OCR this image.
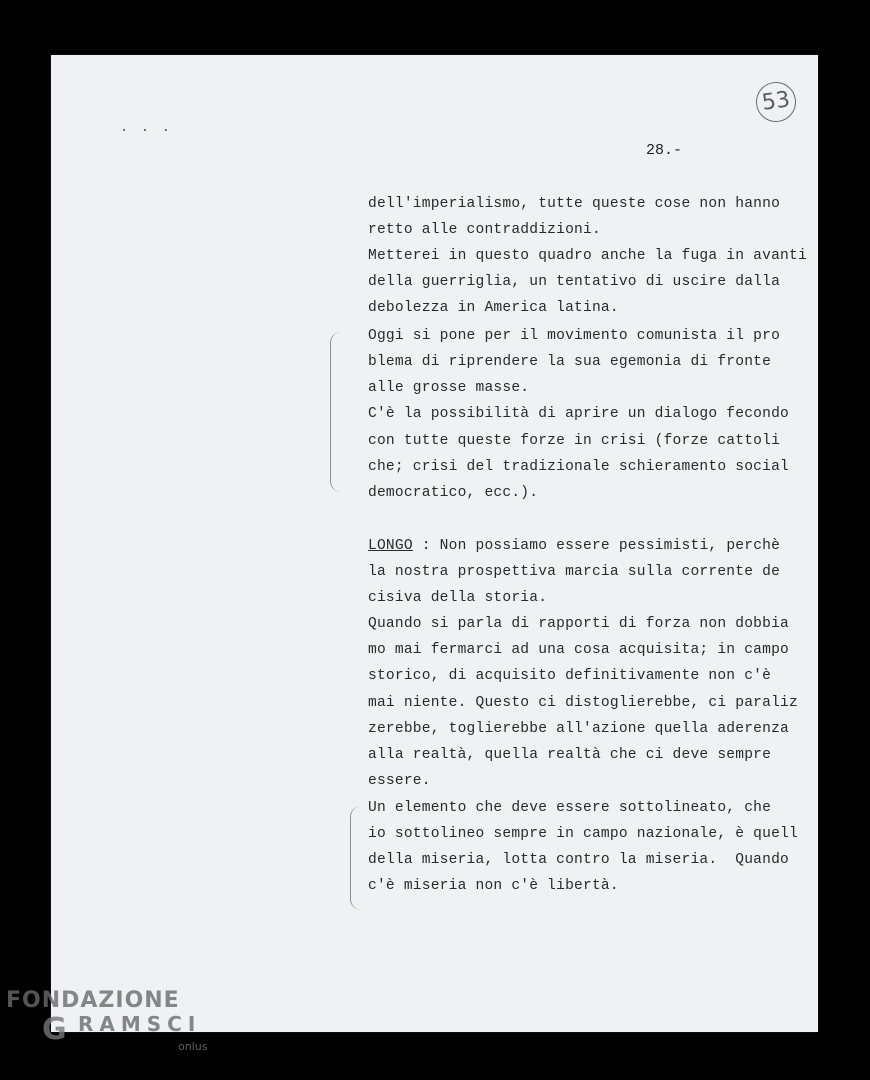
. . .
53
28.-
dell'imperialismo, tutte queste cose non hanno
retto alle contraddizioni.
Metterei in questo quadro anche la fuga in avanti
della guerriglia, un tentativo di uscire dalla
debolezza in America latina.
Oggi si pone per il movimento comunista il pro
blema di riprendere la sua egemonia di fronte
alle grosse masse.
C'è la possibilità di aprire un dialogo fecondo
con tutte queste forze in crisi (forze cattoli
che; crisi del tradizionale schieramento social
democratico, ecc.).
LONGO : Non possiamo essere pessimisti, perchè
la nostra prospettiva marcia sulla corrente de
cisiva della storia.
Quando si parla di rapporti di forza non dobbia
mo mai fermarci ad una cosa acquisita; in campo
storico, di acquisito definitivamente non c'è
mai niente. Questo ci distoglierebbe, ci paraliz
zerebbe, toglierebbe all'azione quella aderenza
alla realtà, quella realtà che ci deve sempre
essere.
Un elemento che deve essere sottolineato, che
io sottolineo sempre in campo nazionale, è quell
della miseria, lotta contro la miseria.  Quando
c'è miseria non c'è libertà.
FONDAZIONE
G RAMSCI
onlus
